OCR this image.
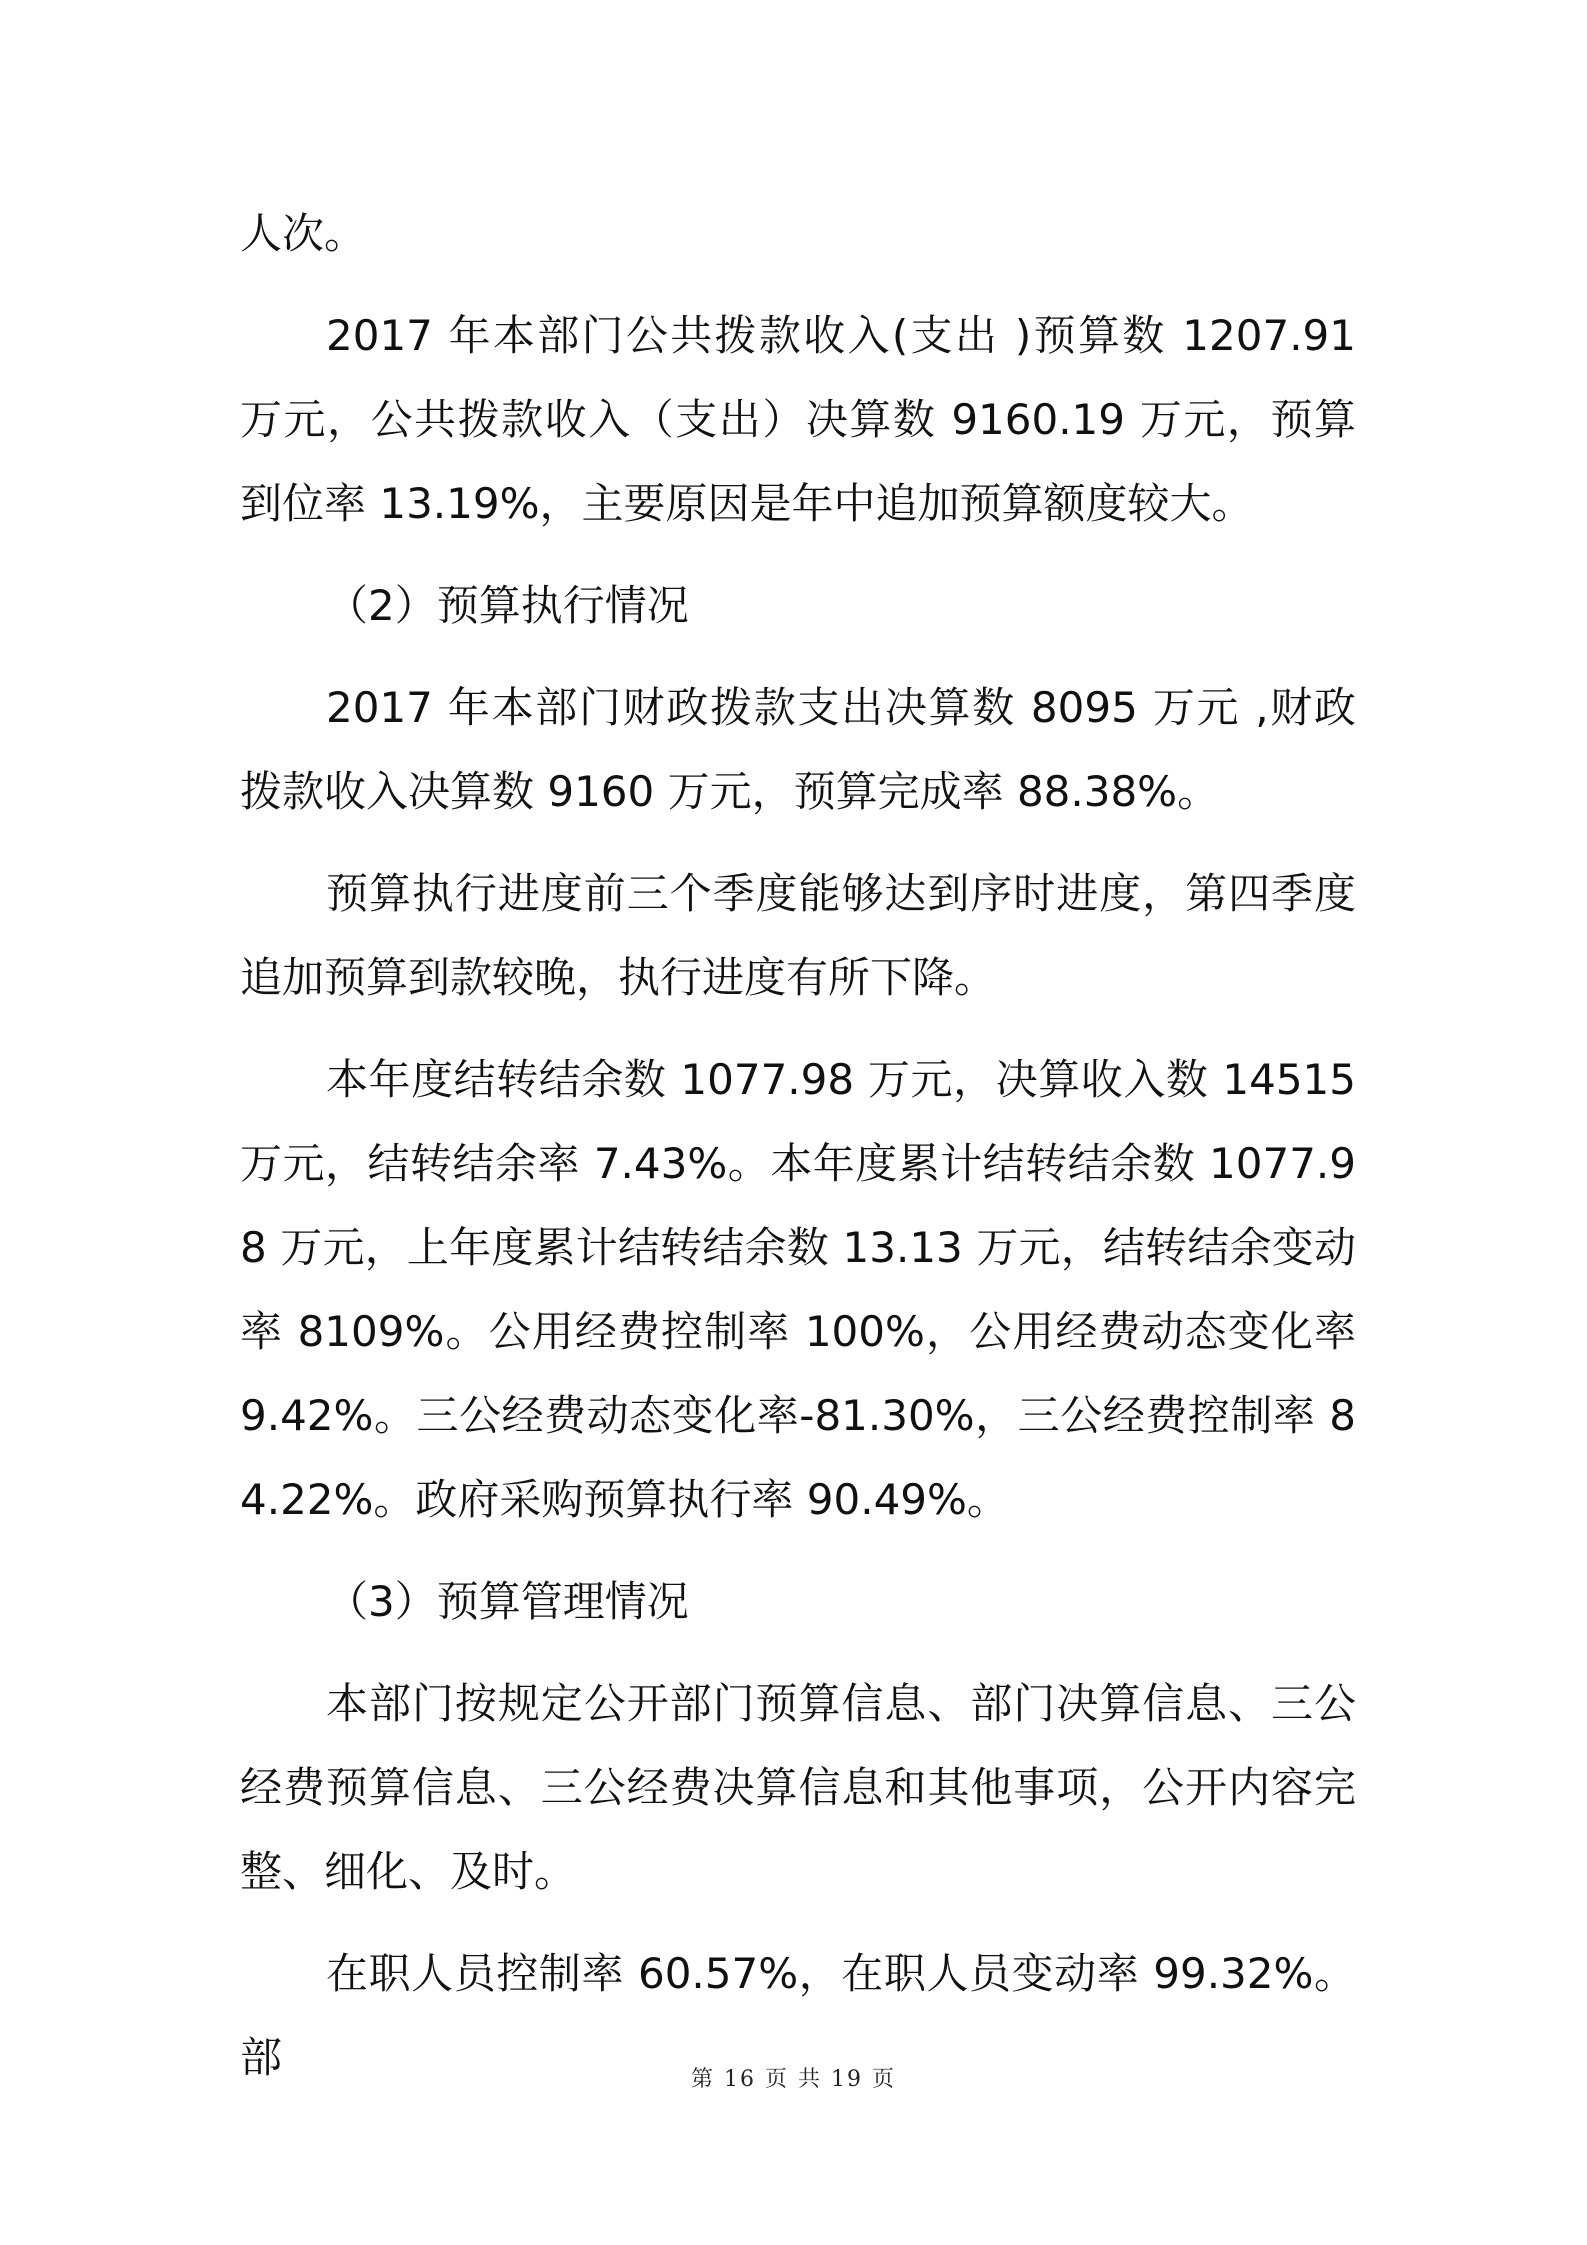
人次。

2017 年本部门公共拨款收入(支出 )预算数 1207.91 万元，公共拨款收入（支出）决算数 9160.19 万元，预算到位率 13.19%，主要原因是年中追加预算额度较大。

（2）预算执行情况

2017 年本部门财政拨款支出决算数 8095 万元 ,财政拨款收入决算数 9160 万元，预算完成率 88.38%。

预算执行进度前三个季度能够达到序时进度，第四季度追加预算到款较晚，执行进度有所下降。

本年度结转结余数 1077.98 万元，决算收入数 14515 万元，结转结余率 7.43%。本年度累计结转结余数 1077.98 万元，上年度累计结转结余数 13.13 万元，结转结余变动率 8109%。公用经费控制率 100%，公用经费动态变化率 9.42%。三公经费动态变化率-81.30%，三公经费控制率 84.22%。政府采购预算执行率 90.49%。

（3）预算管理情况

本部门按规定公开部门预算信息、部门决算信息、三公经费预算信息、三公经费决算信息和其他事项，公开内容完整、细化、及时。

在职人员控制率 60.57%，在职人员变动率 99.32%。部	第 16 页 共 19 页
